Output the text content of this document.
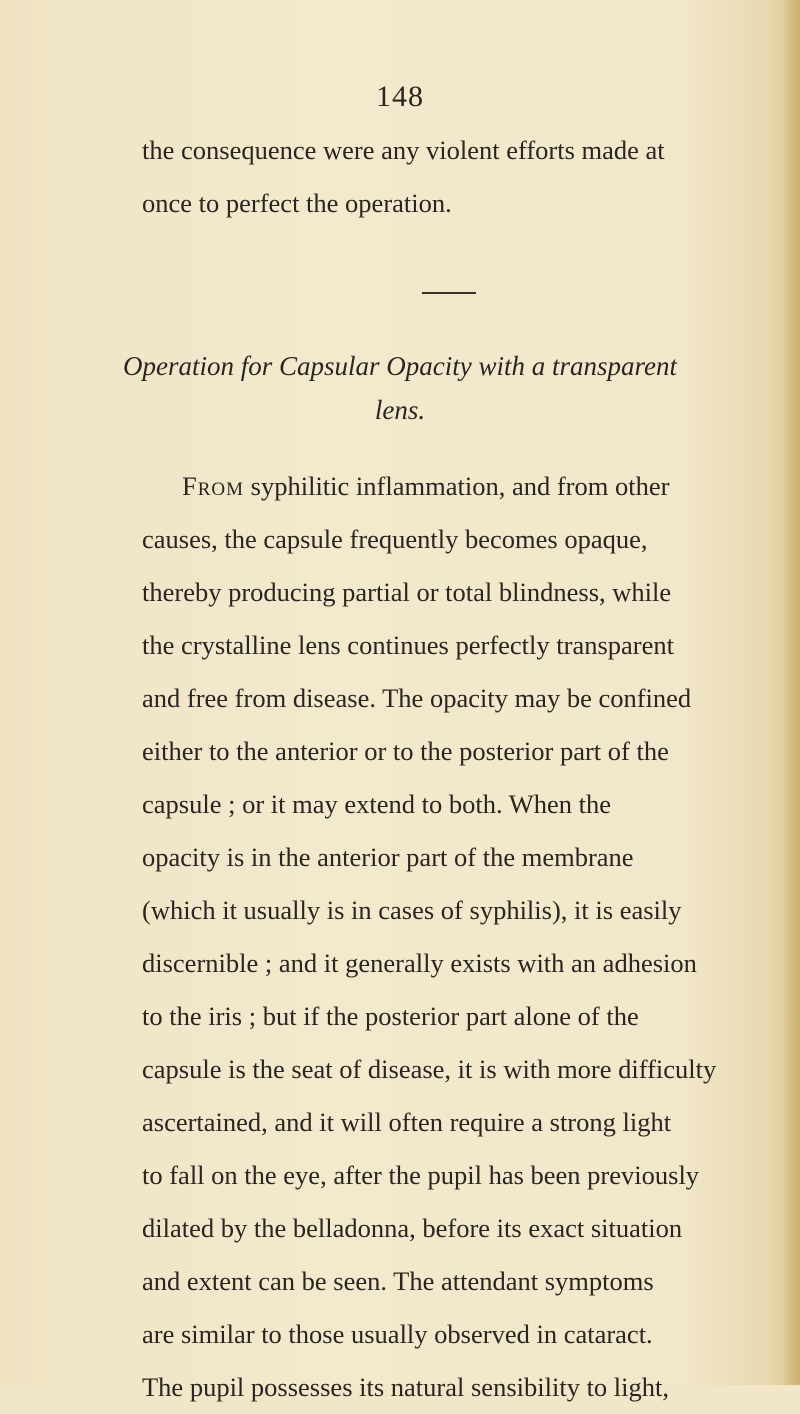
148
the consequence were any violent efforts made at
once to perfect the operation.
Operation for Capsular Opacity with a transparent
lens.
From syphilitic inflammation, and from other
causes, the capsule frequently becomes opaque,
thereby producing partial or total blindness, while
the crystalline lens continues perfectly transparent
and free from disease. The opacity may be confined
either to the anterior or to the posterior part of the
capsule ; or it may extend to both. When the
opacity is in the anterior part of the membrane
(which it usually is in cases of syphilis), it is easily
discernible ; and it generally exists with an adhesion
to the iris ; but if the posterior part alone of the
capsule is the seat of disease, it is with more difficulty
ascertained, and it will often require a strong light
to fall on the eye, after the pupil has been previously
dilated by the belladonna, before its exact situation
and extent can be seen. The attendant symptoms
are similar to those usually observed in cataract.
The pupil possesses its natural sensibility to light,
